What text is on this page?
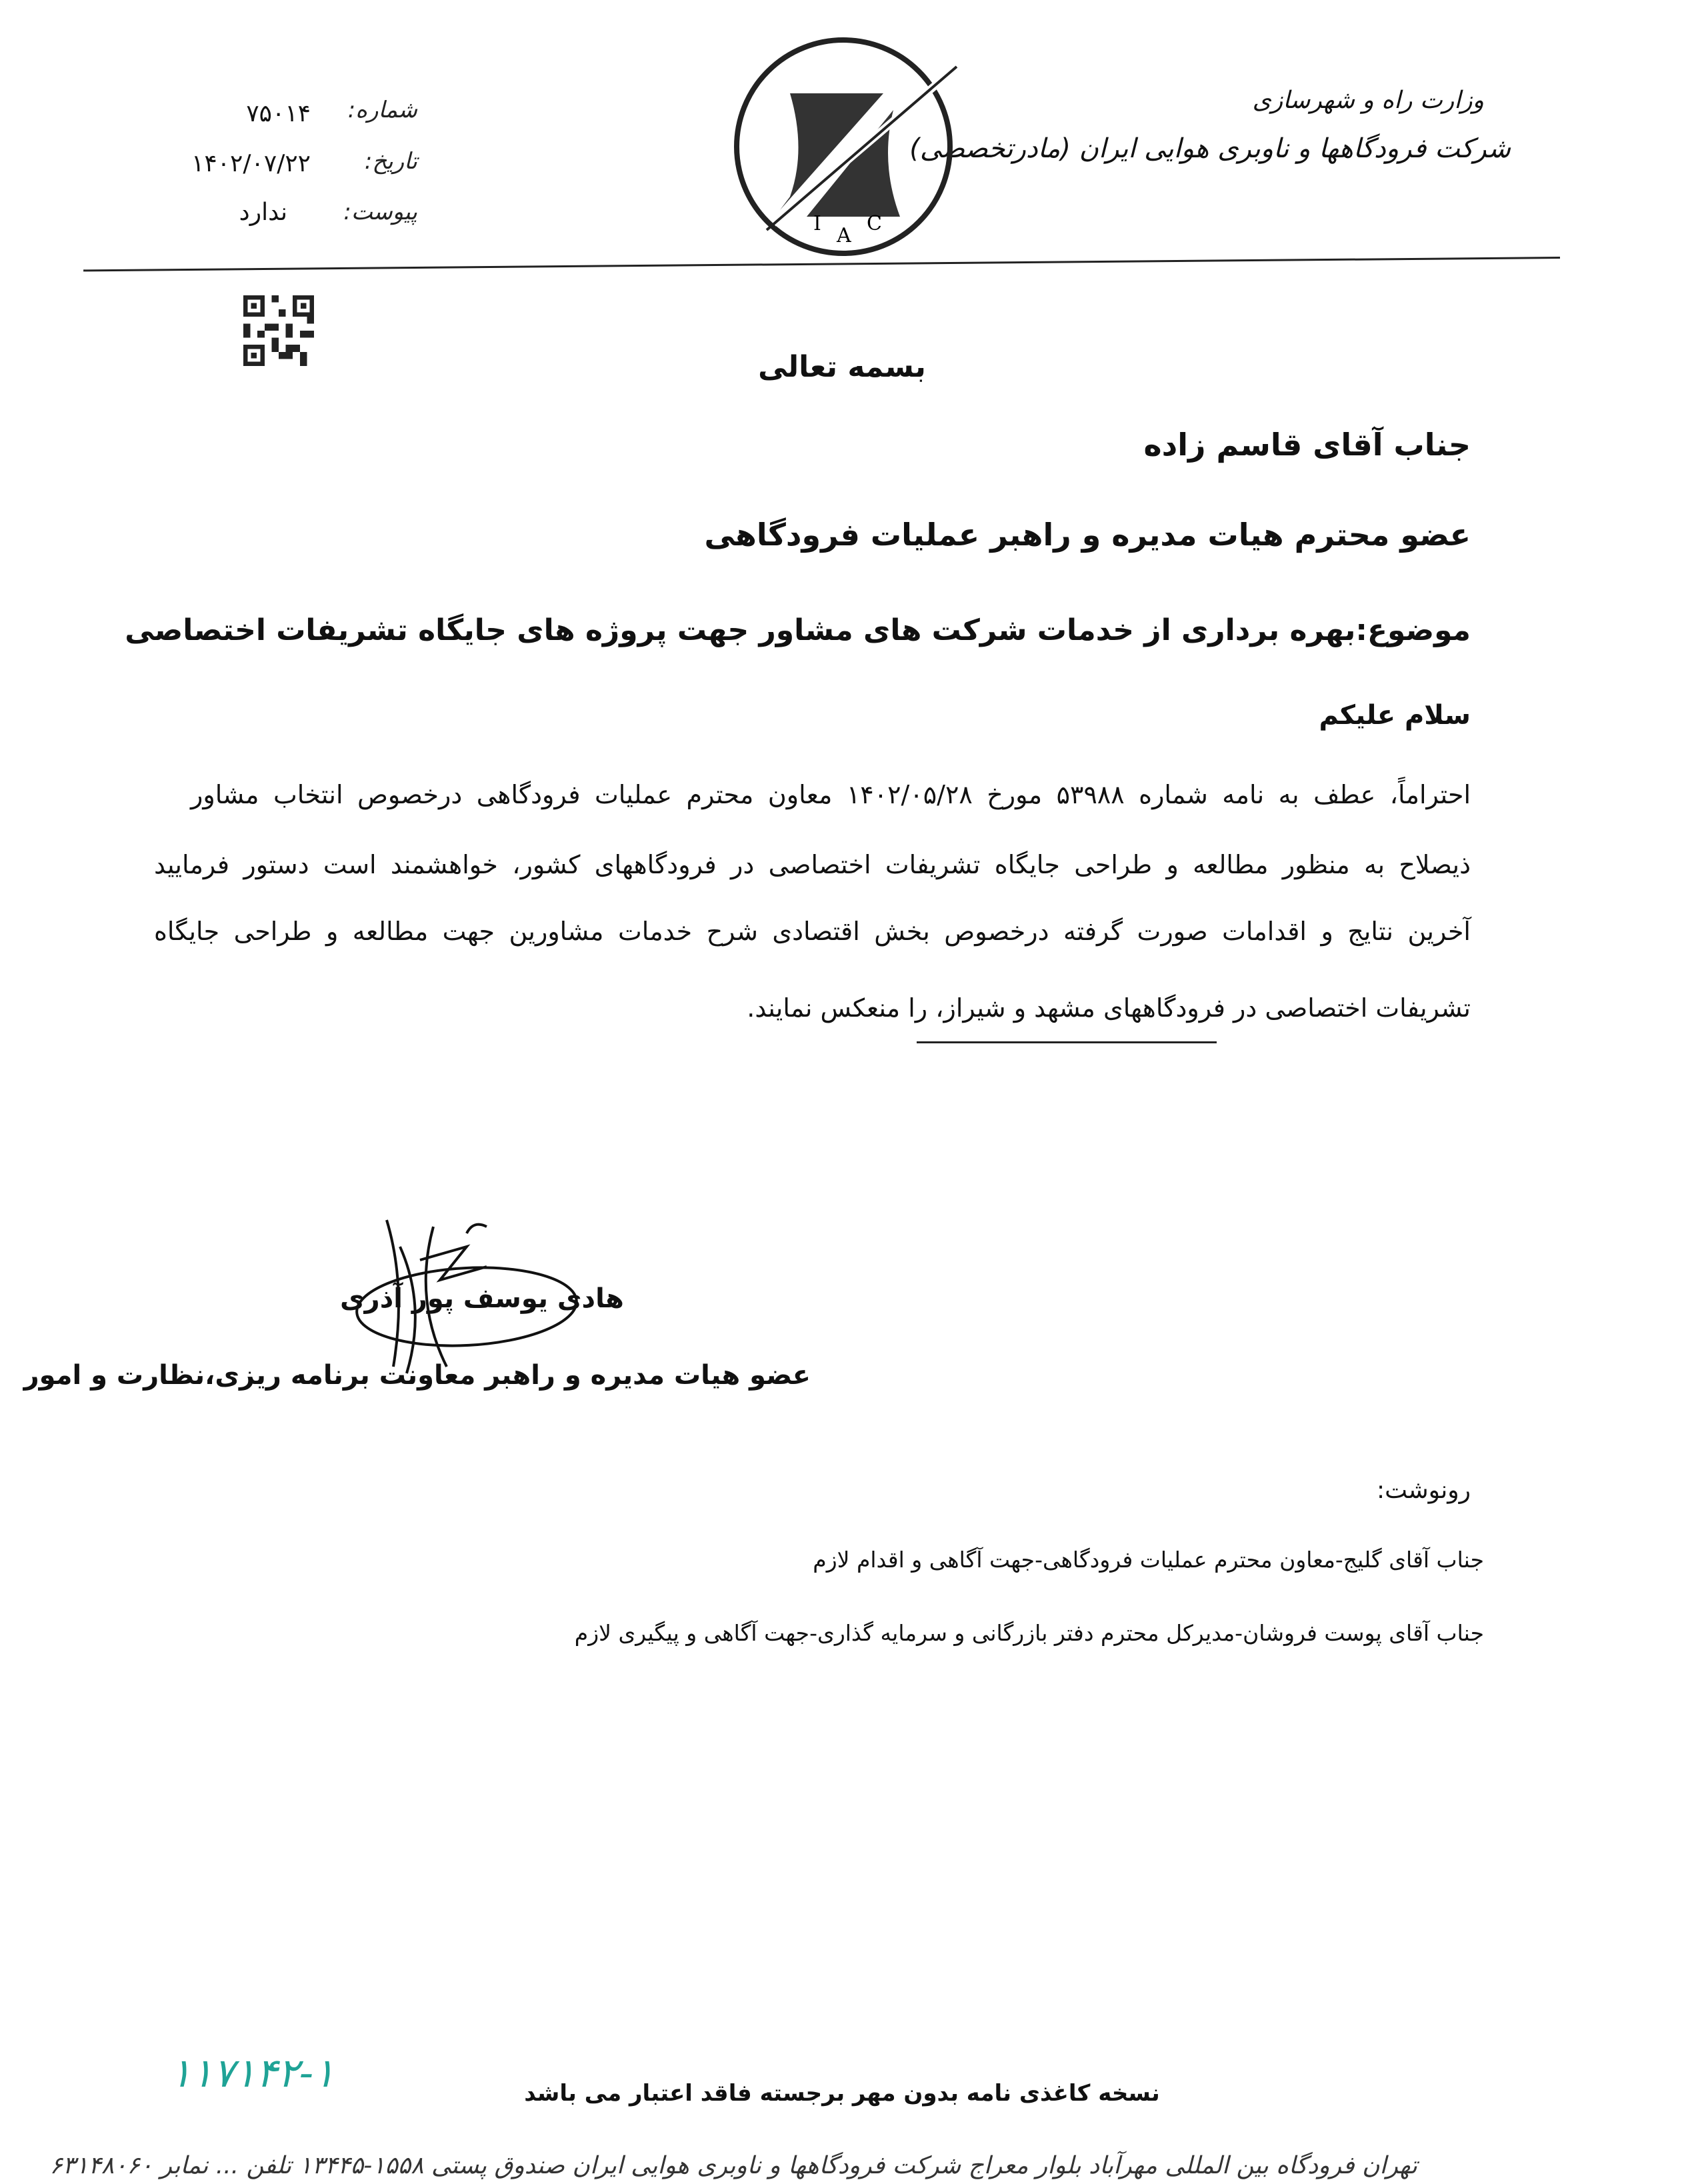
وزارت راه و شهرسازی
شرکت فرودگاهها و ناوبری هوایی ایران (مادرتخصصی)
I
A
C
شماره:
۷۵۰۱۴
تاریخ:
۱۴۰۲/۰۷/۲۲
پیوست:
ندارد
بسمه تعالی
جناب آقای قاسم زاده
عضو محترم هیات مدیره و راهبر عملیات فرودگاهی
موضوع:بهره برداری از خدمات شرکت های مشاور جهت پروژه های جایگاه تشریفات اختصاصی
سلام علیکم
احتراماً، عطف به نامه شماره ۵۳۹۸۸ مورخ ۱۴۰۲/۰۵/۲۸ معاون محترم عملیات فرودگاهی درخصوص انتخاب مشاور
ذیصلاح به منظور مطالعه و طراحی جایگاه تشریفات اختصاصی در فرودگاههای کشور، خواهشمند است دستور فرمایید
آخرین نتایج و اقدامات صورت گرفته درخصوص بخش اقتصادی شرح خدمات مشاورین جهت مطالعه و طراحی جایگاه
تشریفات اختصاصی در فرودگاههای مشهد و شیراز، را منعکس نمایند.
هادی یوسف پور آذری
عضو هیات مدیره و راهبر معاونت برنامه ریزی،نظارت و امور
رونوشت:
جناب آقای گلیج-معاون محترم عملیات فرودگاهی-جهت آگاهی و اقدام لازم
جناب آقای پوست فروشان-مدیرکل محترم دفتر بازرگانی و سرمایه گذاری-جهت آگاهی و پیگیری لازم
۱۱۷۱۴۲-۱	نسخه کاغذی نامه بدون مهر برجسته فاقد اعتبار می باشد
تهران فرودگاه بین المللی مهرآباد بلوار معراج شرکت فرودگاهها و ناوبری هوایی ایران صندوق پستی ۱۵۵۸-۱۳۴۴۵ تلفن ... نمابر ۶۳۱۴۸۰۶۰
